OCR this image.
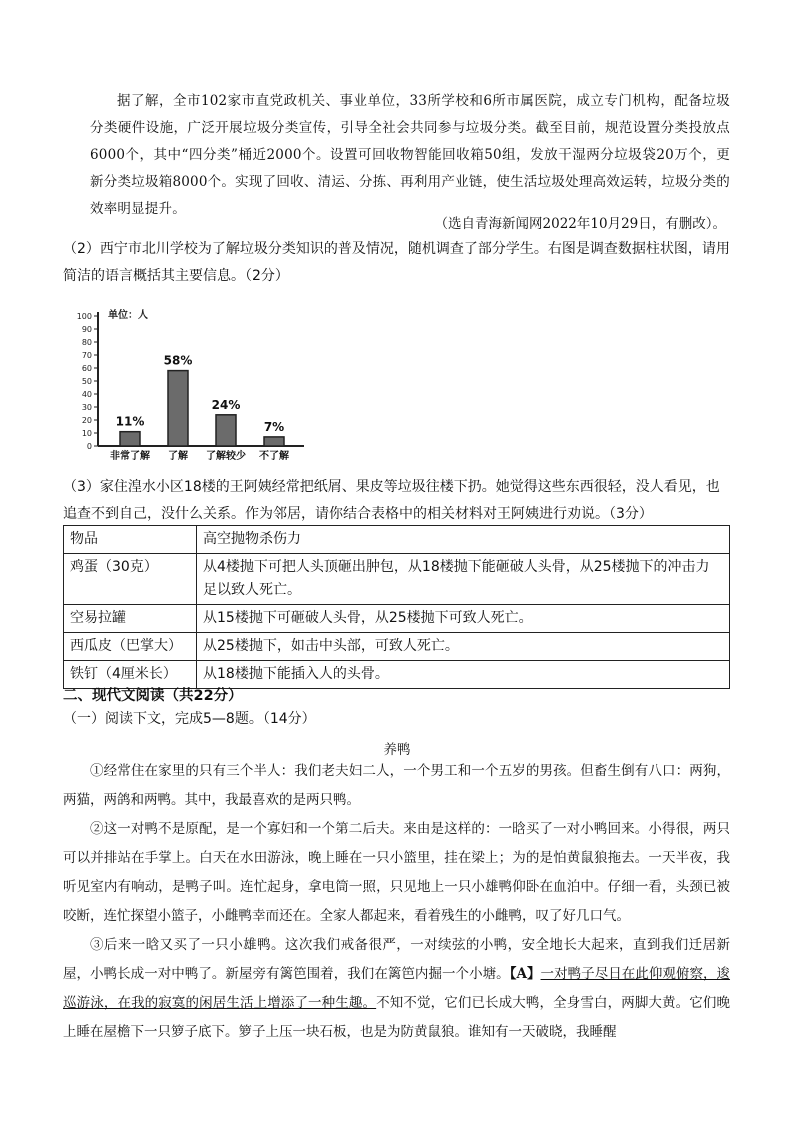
据了解，全市102家市直党政机关、事业单位，33所学校和6所市属医院，成立专门机构，配备垃圾分类硬件设施，广泛开展垃圾分类宣传，引导全社会共同参与垃圾分类。截至目前，规范设置分类投放点6000个，其中“四分类”桶近2000个。设置可回收物智能回收箱50组，发放干湿两分垃圾袋20万个，更新分类垃圾箱8000个。实现了回收、清运、分拣、再利用产业链，使生活垃圾处理高效运转，垃圾分类的效率明显提升。
（选自青海新闻网2022年10月29日，有删改）。
（2）西宁市北川学校为了解垃圾分类知识的普及情况，随机调查了部分学生。右图是调查数据柱状图，请用简洁的语言概括其主要信息。（2分）
单位：人
100
90
80
70
60
50
40
30
20
10
0
11%
非常了解
58%
了解
24%
了解较少
7%
不了解
（3）家住湟水小区18楼的王阿姨经常把纸屑、果皮等垃圾往楼下扔。她觉得这些东西很轻，没人看见，也追查不到自己，没什么关系。作为邻居，请你结合表格中的相关材料对王阿姨进行劝说。（3分）
物品	高空抛物杀伤力
鸡蛋（30克）	从4楼抛下可把人头顶砸出肿包，从18楼抛下能砸破人头骨，从25楼抛下的冲击力足以致人死亡。
空易拉罐	从15楼抛下可砸破人头骨，从25楼抛下可致人死亡。
西瓜皮（巴掌大）	从25楼抛下，如击中头部，可致人死亡。
铁钉（4厘米长）	从18楼抛下能插入人的头骨。
二、现代文阅读（共22分）
（一）阅读下文，完成5—8题。（14分）
养鸭
①经常住在家里的只有三个半人：我们老夫妇二人，一个男工和一个五岁的男孩。但畜生倒有八口：两狗，两猫，两鸽和两鸭。其中，我最喜欢的是两只鸭。
②这一对鸭不是原配，是一个寡妇和一个第二后夫。来由是这样的：一晗买了一对小鸭回来。小得很，两只可以并排站在手掌上。白天在水田游泳，晚上睡在一只小篮里，挂在梁上；为的是怕黄鼠狼拖去。一天半夜，我听见室内有响动，是鸭子叫。连忙起身，拿电筒一照，只见地上一只小雄鸭仰卧在血泊中。仔细一看，头颈已被咬断，连忙探望小篮子，小雌鸭幸而还在。全家人都起来，看着残生的小雌鸭，叹了好几口气。
③后来一晗又买了一只小雄鸭。这次我们戒备很严，一对续弦的小鸭，安全地长大起来，直到我们迁居新屋，小鸭长成一对中鸭了。新屋旁有篱笆围着，我们在篱笆内掘一个小塘。【A】一对鸭子尽日在此仰观俯察，逡巡游泳，在我的寂寞的闲居生活上增添了一种生趣。不知不觉，它们已长成大鸭，全身雪白，两脚大黄。它们晚上睡在屋檐下一只箩子底下。箩子上压一块石板，也是为防黄鼠狼。谁知有一天破晓，我睡醒
